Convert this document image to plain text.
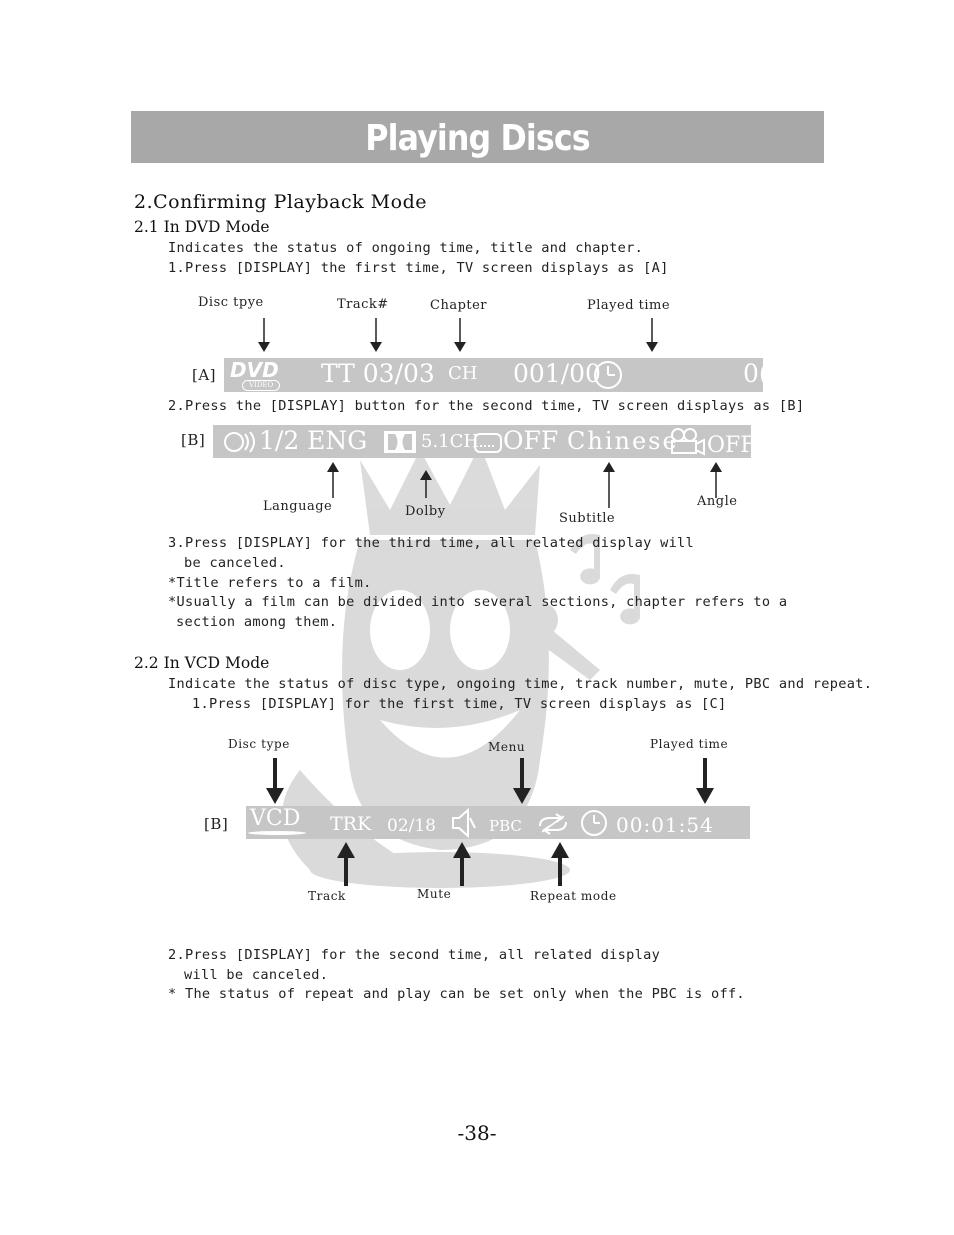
Playing Discs
2.Confirming Playback Mode
2.1 In DVD Mode
Indicates the status of ongoing time, title and chapter.
1.Press [DISPLAY] the first time, TV screen displays as [A]
Disc tpye	Track#	Chapter	Played time
[A] DVD
VIDEO TT 03/03 CH 001/00	0(
2.Press the [DISPLAY] button for the second time, TV screen displays as [B]
[B] 1/2 ENG	5.1CH OFF Chinese OFF
Language	Dolby	Subtitle
Angle
3.Press [DISPLAY] for the third time, all related display will
be canceled.
*Title refers to a film.
*Usually a film can be divided into several sections, chapter refers to a
section among them.
2.2 In VCD Mode
Indicate the status of disc type, ongoing time, track number, mute, PBC and repeat.
1.Press [DISPLAY] for the first time, TV screen displays as [C]
Disc type	Menu	Played time
[B] VCD TRK 02/18	PBC	00:01:54
Track	Mute	Repeat mode
2.Press [DISPLAY] for the second time, all related display
will be canceled.
* The status of repeat and play can be set only when the PBC is off.
-38-
